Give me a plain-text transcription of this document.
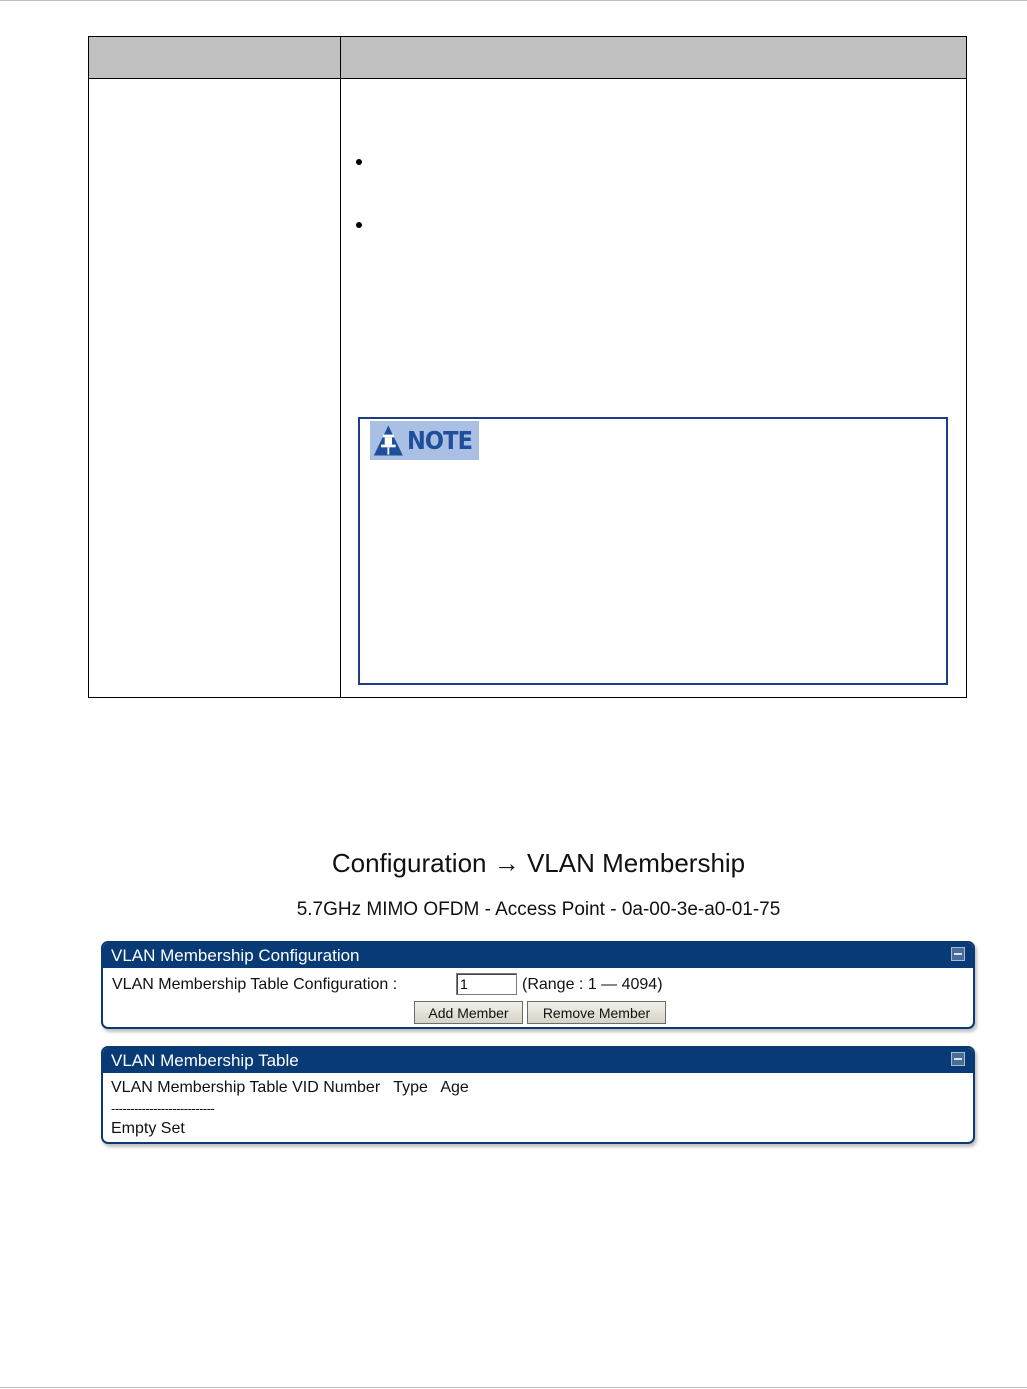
NOTE
Configuration → VLAN Membership
5.7GHz MIMO OFDM - Access Point - 0a-00-3e-a0-01-75
VLAN Membership Configuration
VLAN Membership Table Configuration :
1	(Range : 1 — 4094)
Add Member	Remove Member
VLAN Membership Table
VLAN Membership Table VID Number   Type   Age
---------------------------
Empty Set
